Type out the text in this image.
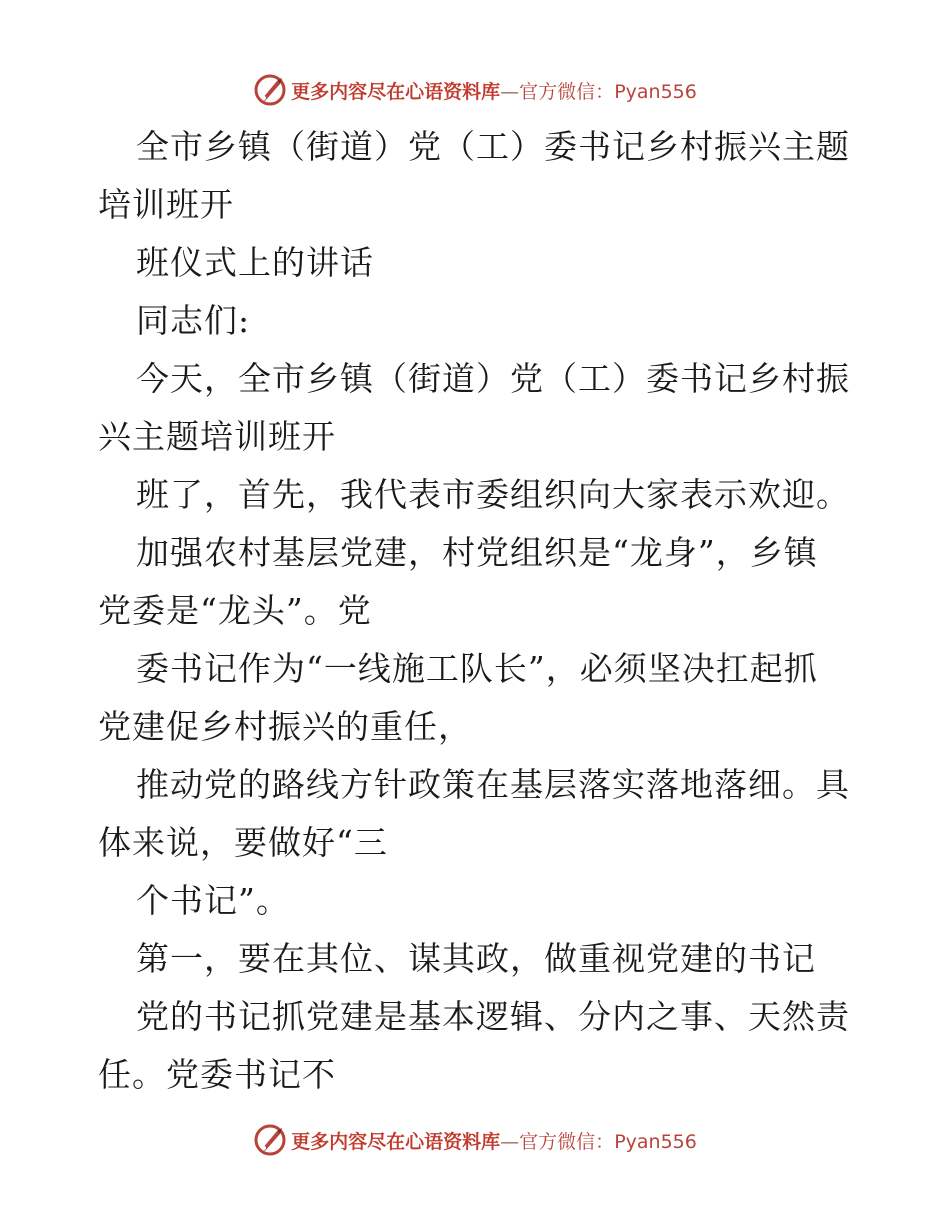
更多内容尽在心语资料库—官方微信：Pyan556
全市乡镇（街道）党（工）委书记乡村振兴主题
培训班开
班仪式上的讲话
同志们:
今天，全市乡镇（街道）党（工）委书记乡村振
兴主题培训班开
班了，首先，我代表市委组织向大家表示欢迎。
加强农村基层党建，村党组织是“龙身”，乡镇
党委是“龙头”。党
委书记作为“一线施工队长”，必须坚决扛起抓
党建促乡村振兴的重任，
推动党的路线方针政策在基层落实落地落细。具
体来说，要做好“三
个书记”。
第一，要在其位、谋其政，做重视党建的书记
党的书记抓党建是基本逻辑、分内之事、天然责
任。党委书记不
更多内容尽在心语资料库—官方微信：Pyan556
